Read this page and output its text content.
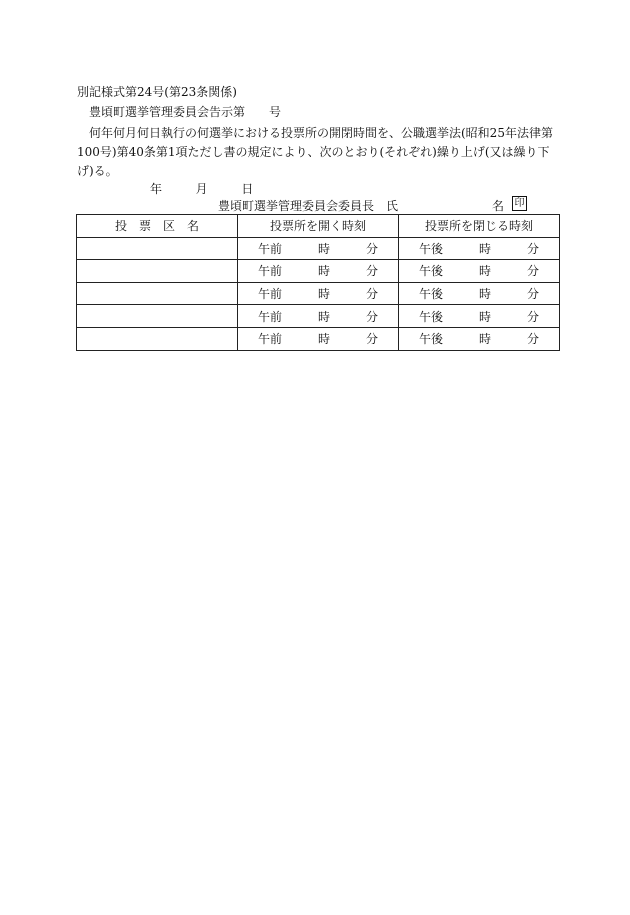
別記様式第24号(第23条関係)
豊頃町選挙管理委員会告示第　　号
何年何月何日執行の何選挙における投票所の開閉時間を、公職選挙法(昭和25年法律第100号)第40条第1項ただし書の規定により、次のとおり(それぞれ)繰り上げ(又は繰り下げ)る。
年	月	日
豊頃町選挙管理委員会委員長　氏	名 印
投　票　区　名	投票所を開く時刻	投票所を閉じる時刻

	午前 時 分	午後 時 分

	午前 時 分	午後 時 分

	午前 時 分	午後 時 分

	午前 時 分	午後 時 分

	午前 時 分	午後 時 分
